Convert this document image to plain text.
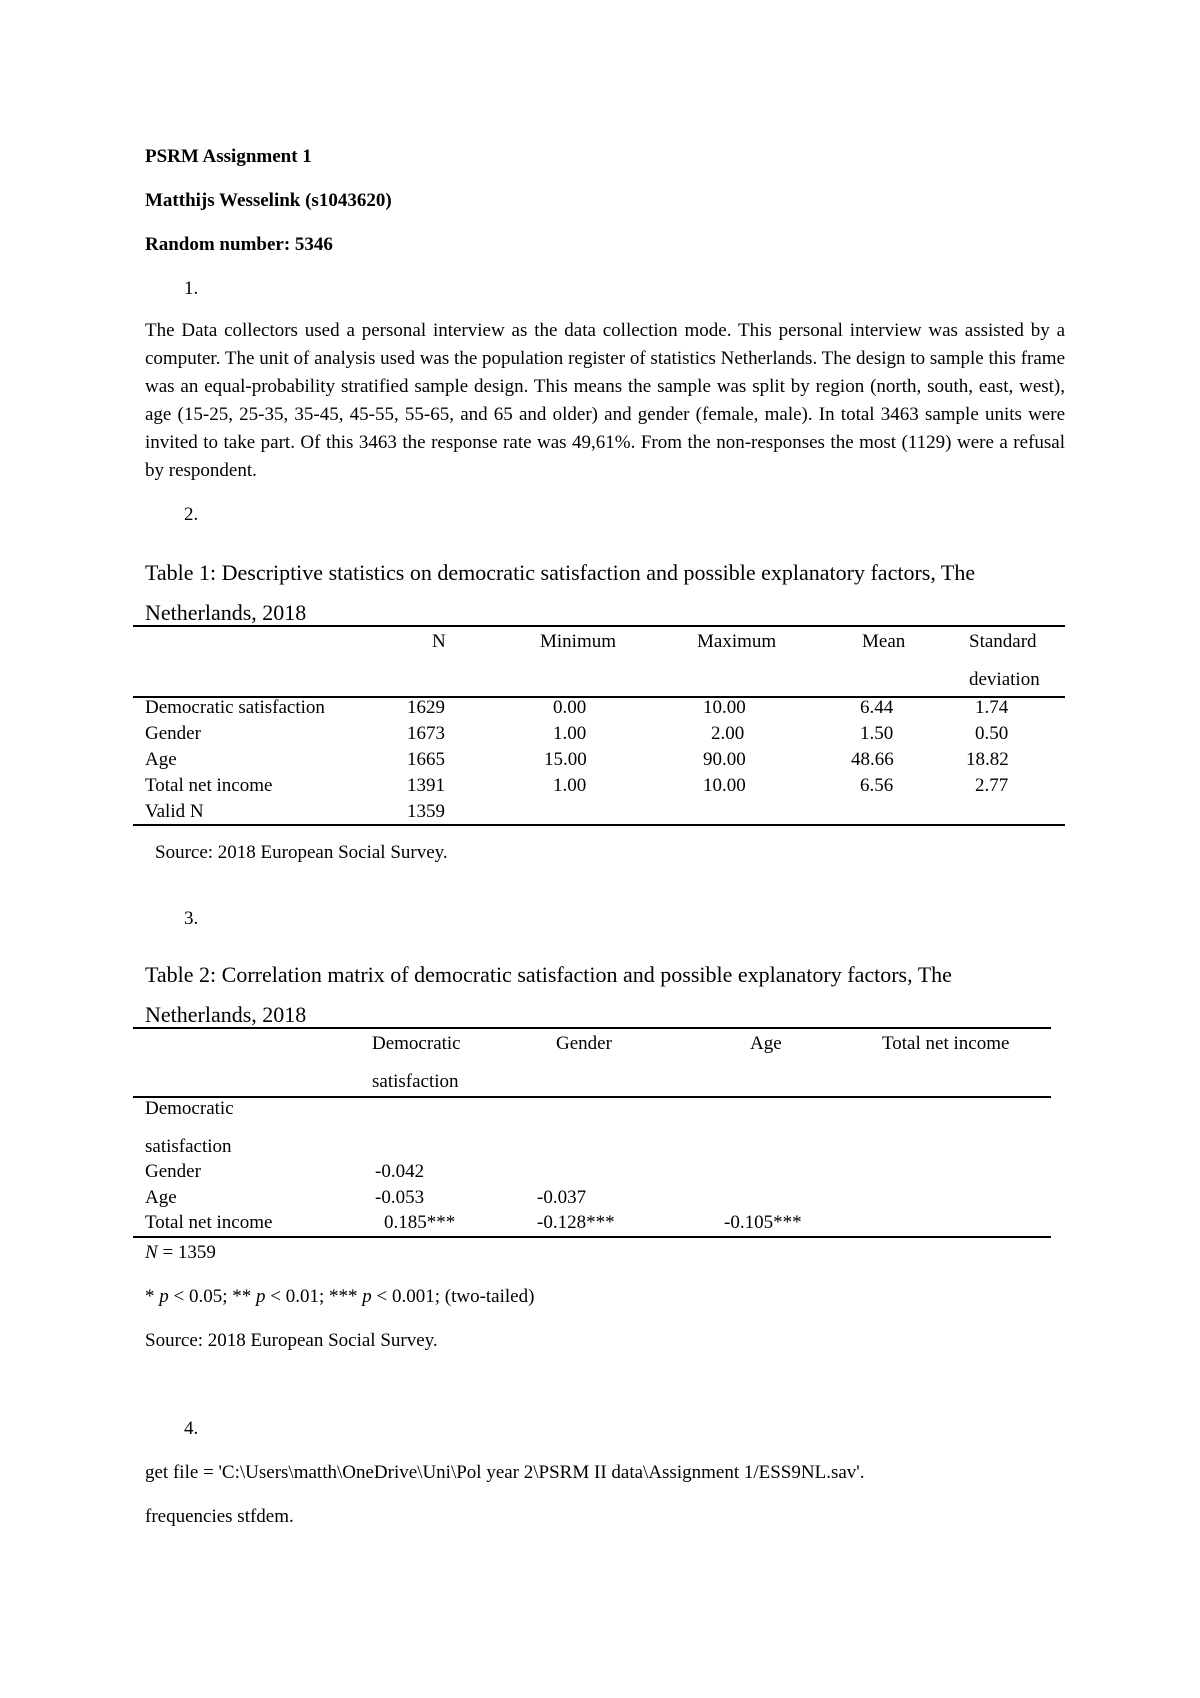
PSRM Assignment 1
Matthijs Wesselink (s1043620)
Random number: 5346
1.

The Data collectors used a personal interview as the data collection mode. This personal interview was assisted by a computer. The unit of analysis used was the population register of statistics Netherlands. The design to sample this frame was an equal-probability stratified sample design. This means the sample was split by region (north, south, east, west), age (15-25, 25-35, 35-45, 45-55, 55-65, and 65 and older) and gender (female, male). In total 3463 sample units were invited to take part. Of this 3463 the response rate was 49,61%. From the non-responses the most (1129) were a refusal by respondent.

2.
Table 1: Descriptive statistics on democratic satisfaction and possible explanatory factors, The
Netherlands, 2018
N	Minimum	Maximum	Mean	Standard
deviation
Democratic satisfaction	1629	0.00	10.00	6.44	1.74
Gender	1673	1.00	2.00	1.50	0.50
Age	1665	15.00	90.00	48.66	18.82
Total net income	1391	1.00	10.00	6.56	2.77
Valid N	1359
Source: 2018 European Social Survey.
3.
Table 2: Correlation matrix of democratic satisfaction and possible explanatory factors, The
Netherlands, 2018
Democratic
satisfaction
Gender	Age	Total net income
Democratic
satisfaction
Gender	-0.042
Age	-0.053	-0.037
Total net income	0.185***	-0.128***	-0.105***
N = 1359
* p < 0.05; ** p < 0.01; *** p < 0.001; (two-tailed)
Source: 2018 European Social Survey.
4.
get file = 'C:\Users\matth\OneDrive\Uni\Pol year 2\PSRM II data\Assignment 1/ESS9NL.sav'.
frequencies stfdem.
